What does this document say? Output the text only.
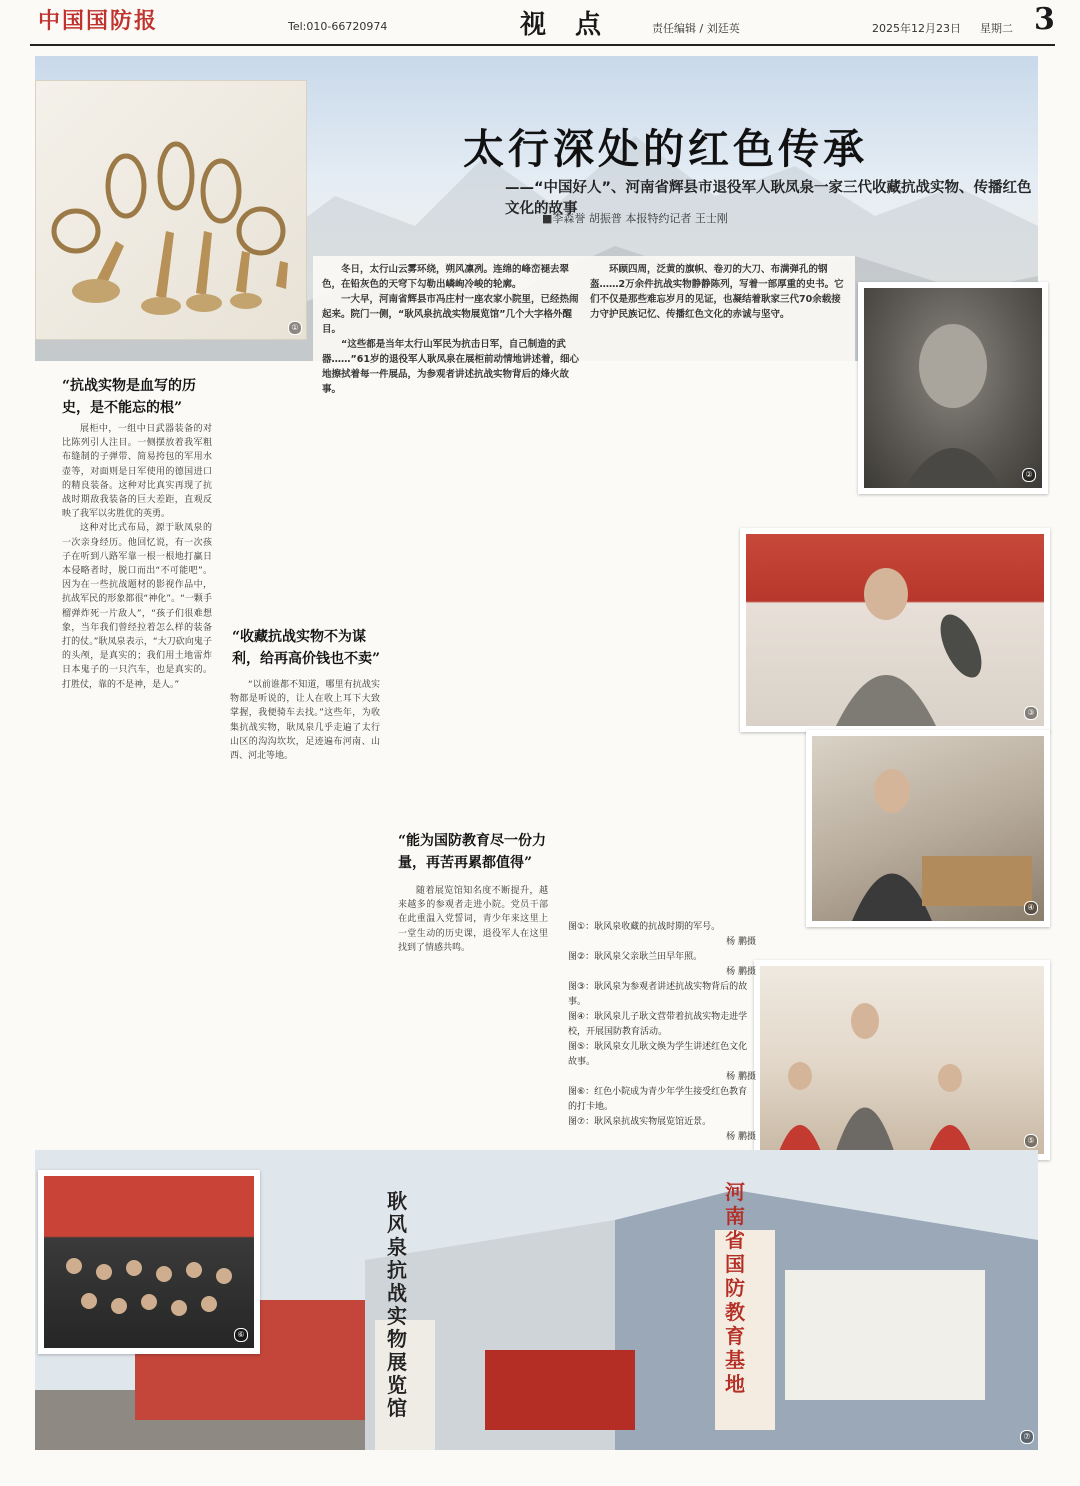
中国国防报	Tel:010-66720974	视 点	责任编辑 / 刘廷英	2025年12月23日 星期二 3
①
太行深处的红色传承
——“中国好人”、河南省辉县市退役军人耿凤泉一家三代收藏抗战实物、传播红色文化的故事
■李森誉 胡振普 本报特约记者 王士刚

冬日，太行山云雾环绕，朔风凛冽。连绵的峰峦褪去翠色，在铅灰色的天穹下勾勒出嶙峋冷峻的轮廓。

一大早，河南省辉县市冯庄村一座农家小院里，已经热闹起来。院门一侧，“耿风泉抗战实物展览馆”几个大字格外醒目。

“这些都是当年太行山军民为抗击日军，自己制造的武器……”61岁的退役军人耿凤泉在展柜前动情地讲述着，细心地擦拭着每一件展品，为参观者讲述抗战实物背后的烽火故事。

环顾四周，泛黄的旗帜、卷刃的大刀、布满弹孔的钢盔……2万余件抗战实物静静陈列，写着一部厚重的史书。它们不仅是那些难忘岁月的见证，也凝结着耿家三代70余载接力守护民族记忆、传播红色文化的赤诚与坚守。

“抗战实物是血写的历史，是不能忘的根”

展柜中，一组中日武器装备的对比陈列引人注目。一侧摆放着我军粗布缝制的子弹带、简易挎包的军用水壶等，对面则是日军使用的德国进口的精良装备。这种对比真实再现了抗战时期敌我装备的巨大差距，直观反映了我军以劣胜优的英勇。

这种对比式布局，源于耿凤泉的一次亲身经历。他回忆说，有一次孩子在听到八路军靠一根一根地打赢日本侵略者时，脱口而出“不可能吧”。因为在一些抗战题材的影视作品中，抗战军民的形象都很“神化”。“一颗手榴弹炸死一片敌人”，“孩子们很难想象，当年我们曾经拉着怎么样的装备打的仗。”耿凤泉表示，“大刀砍向鬼子的头颅，是真实的；我们用土地雷炸日本鬼子的一只汽车，也是真实的。打胜仗，靠的不是神，是人。”

“收藏抗战实物不为谋利，给再高价钱也不卖”

“以前谁都不知道，哪里有抗战实物都是听说的，让人在收上耳下大致掌握，我便骑车去找。”这些年，为收集抗战实物，耿凤泉几乎走遍了太行山区的沟沟坎坎，足迹遍布河南、山西、河北等地。

“能为国防教育尽一份力量，再苦再累都值得”

随着展览馆知名度不断提升，越来越多的参观者走进小院。党员干部在此重温入党誓词，青少年来这里上一堂生动的历史课，退役军人在这里找到了情感共鸣。

②
③
④
⑤
图①：耿风泉收藏的抗战时期的军号。
杨 鹏摄
图②：耿风泉父亲耿兰田早年照。
杨 鹏摄
图③：耿风泉为参观者讲述抗战实物背后的故事。
图④：耿风泉儿子耿文营带着抗战实物走进学校，开展国防教育活动。
图⑤：耿风泉女儿耿文焕为学生讲述红色文化故事。
杨 鹏摄
图⑥：红色小院成为青少年学生接受红色教育的打卡地。
图⑦：耿风泉抗战实物展览馆近景。
杨 鹏摄
耿风泉抗战实物展览馆
河南省国防教育基地
⑦
⑥
